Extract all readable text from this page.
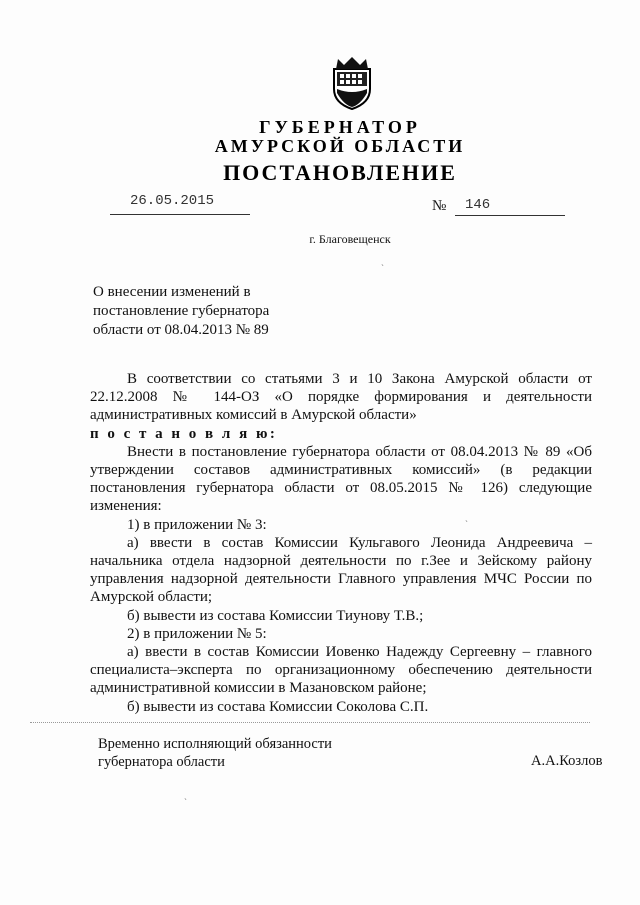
ГУБЕРНАТОР
АМУРСКОЙ ОБЛАСТИ
ПОСТАНОВЛЕНИЕ
26.05.2015	№ 146
г. Благовещенск
О внесении изменений в постановление губернатора области от 08.04.2013 № 89

В соответствии со статьями 3 и 10 Закона Амурской области от 22.12.2008 № 144-ОЗ «О порядке формирования и деятельности административных комиссий в Амурской области»

п о с т а н о в л я ю:

Внести в постановление губернатора области от 08.04.2013 № 89 «Об утверждении составов административных комиссий» (в редакции постановления губернатора области от 08.05.2015 № 126) следующие изменения:

1) в приложении № 3:

а) ввести в состав Комиссии Кульгавого Леонида Андреевича – начальника отдела надзорной деятельности по г.Зее и Зейскому району управления надзорной деятельности Главного управления МЧС России по Амурской области;

б) вывести из состава Комиссии Тиунову Т.В.;

2) в приложении № 5:

а) ввести в состав Комиссии Иовенко Надежду Сергеевну – главного специалиста–эксперта по организационному обеспечению деятельности административной комиссии в Мазановском районе;

б) вывести из состава Комиссии Соколова С.П.

Временно исполняющий обязанности губернатора области	А.А.Козлов
ˏ
ˎ
ˏ
